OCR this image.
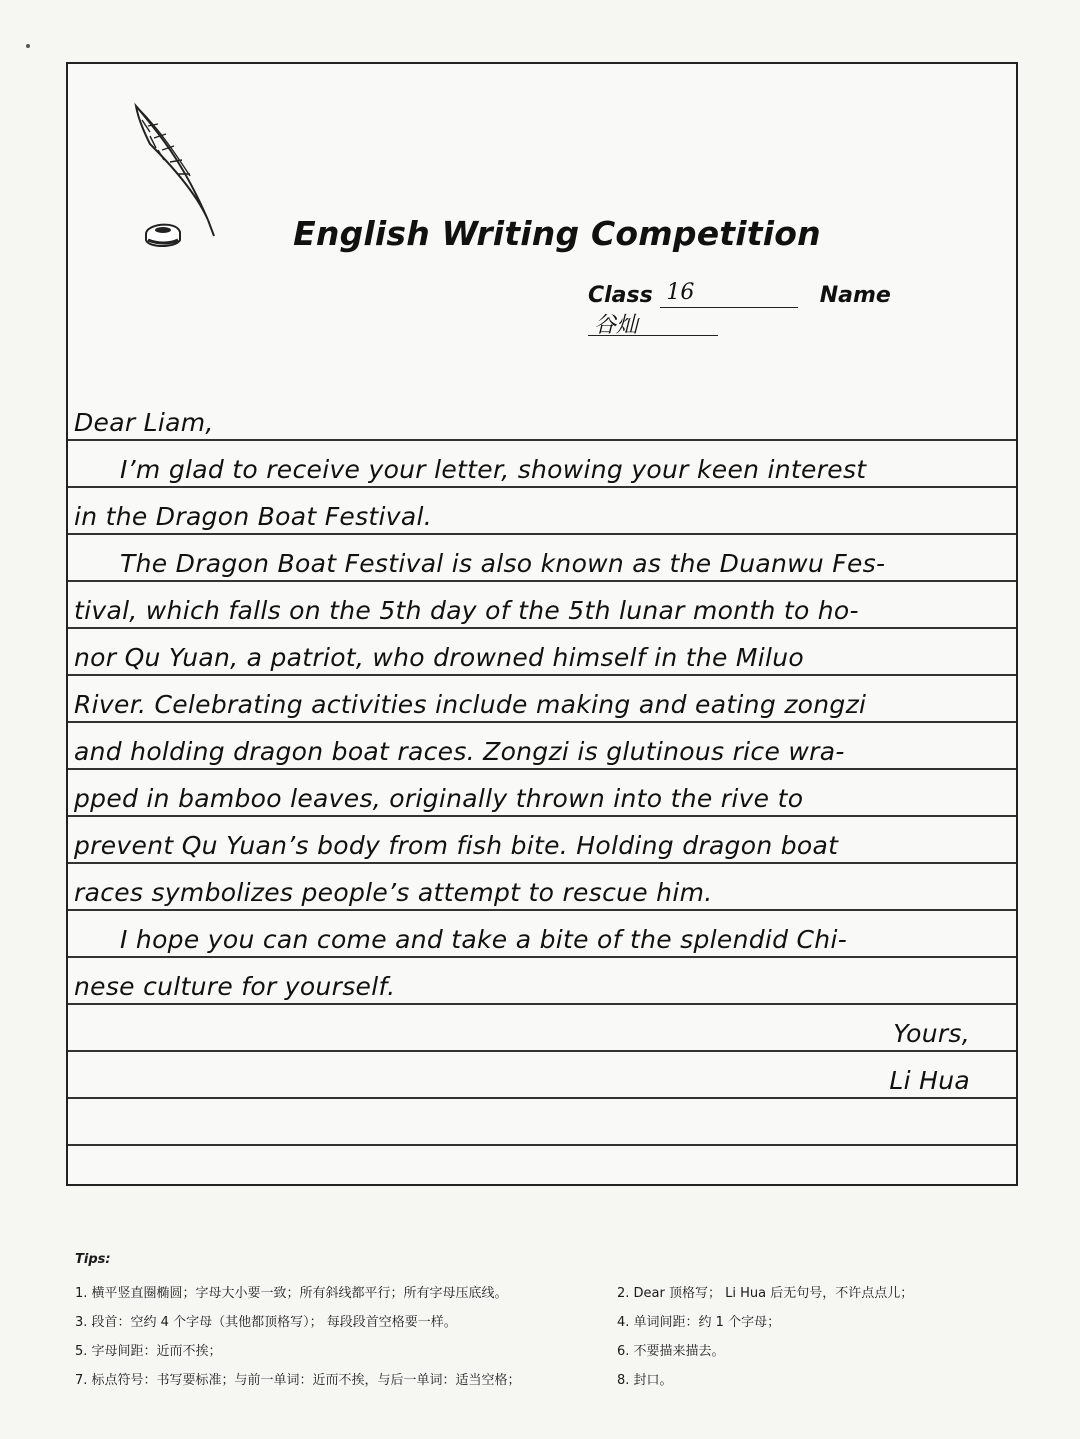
English Writing Competition
Class 16	Name 谷灿
Dear Liam,
I’m glad to receive your letter, showing your keen interest
in the Dragon Boat Festival.
The Dragon Boat Festival is also known as the Duanwu Fes-
tival, which falls on the 5th day of the 5th lunar month to ho-
nor Qu Yuan, a patriot, who drowned himself in the Miluo
River. Celebrating activities include making and eating zongzi
and holding dragon boat races. Zongzi is glutinous rice wra-
pped in bamboo leaves, originally thrown into the rive to
prevent Qu Yuan’s body from fish bite. Holding dragon boat
races symbolizes people’s attempt to rescue him.
I hope you can come and take a bite of the splendid Chi-
nese culture for yourself.
Yours,
Li Hua
Tips:
1. 横平竖直圈椭圆；字母大小要一致；所有斜线都平行；所有字母压底线。	2. Dear 顶格写； Li Hua 后无句号，不许点点儿；
3. 段首：空约 4 个字母（其他都顶格写）； 每段段首空格要一样。	4. 单词间距：约 1 个字母；
5. 字母间距：近而不挨；	6. 不要描来描去。
7. 标点符号：书写要标准；与前一单词：近而不挨，与后一单词：适当空格；	8. 封口。
